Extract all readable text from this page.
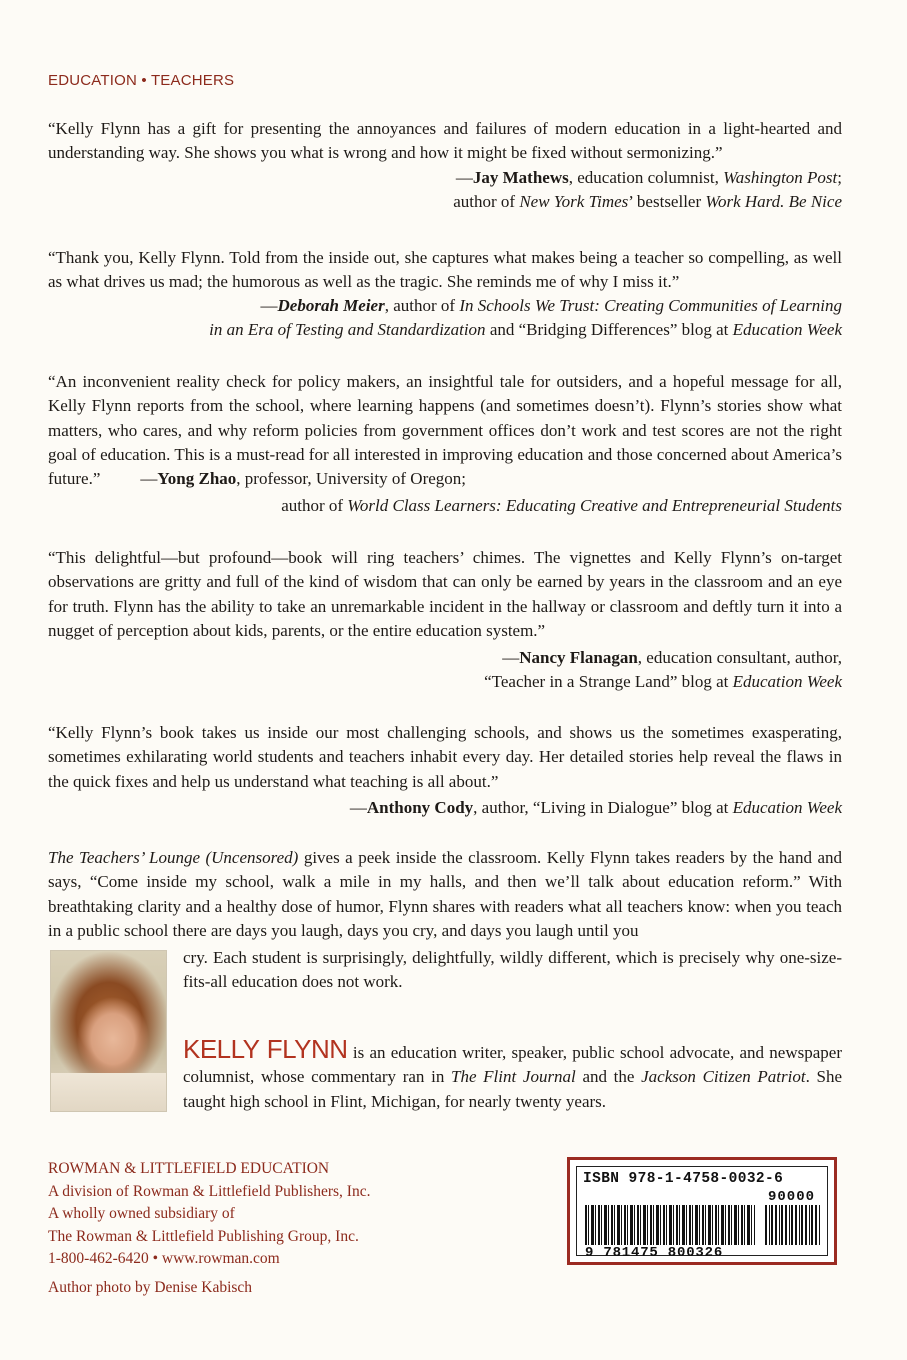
EDUCATION • TEACHERS

“Kelly Flynn has a gift for presenting the annoyances and failures of modern education in a light-hearted and understanding way. She shows you what is wrong and how it might be fixed without sermonizing.”

—Jay Mathews, education columnist, Washington Post;
author of New York Times’ bestseller Work Hard. Be Nice

“Thank you, Kelly Flynn. Told from the inside out, she captures what makes being a teacher so compelling, as well as what drives us mad; the humorous as well as the tragic. She reminds me of why I miss it.”

—Deborah Meier, author of In Schools We Trust: Creating Communities of Learning
in an Era of Testing and Standardization and “Bridging Differences” blog at Education Week

“An inconvenient reality check for policy makers, an insightful tale for outsiders, and a hopeful message for all, Kelly Flynn reports from the school, where learning happens (and sometimes doesn’t). Flynn’s stories show what matters, who cares, and why reform policies from government offices don’t work and test scores are not the right goal of education. This is a must-read for all interested in improving education and those concerned about America’s future.” —Yong Zhao, professor, University of Oregon;

author of World Class Learners: Educating Creative and Entrepreneurial Students

“This delightful—but profound—book will ring teachers’ chimes. The vignettes and Kelly Flynn’s on-target observations are gritty and full of the kind of wisdom that can only be earned by years in the classroom and an eye for truth. Flynn has the ability to take an unremarkable incident in the hallway or classroom and deftly turn it into a nugget of perception about kids, parents, or the entire education system.”

—Nancy Flanagan, education consultant, author,
“Teacher in a Strange Land” blog at Education Week

“Kelly Flynn’s book takes us inside our most challenging schools, and shows us the sometimes exasperating, sometimes exhilarating world students and teachers inhabit every day. Her detailed stories help reveal the flaws in the quick fixes and help us understand what teaching is all about.”

—Anthony Cody, author, “Living in Dialogue” blog at Education Week

The Teachers’ Lounge (Uncensored) gives a peek inside the classroom. Kelly Flynn takes readers by the hand and says, “Come inside my school, walk a mile in my halls, and then we’ll talk about education reform.” With breathtaking clarity and a healthy dose of humor, Flynn shares with readers what all teachers know: when you teach in a public school there are days you laugh, days you cry, and days you laugh until you

cry. Each student is surprisingly, delightfully, wildly different, which is precisely why one-size-fits-all education does not work.

KELLY FLYNN is an education writer, speaker, public school advocate, and newspaper columnist, whose commentary ran in The Flint Journal and the Jackson Citizen Patriot. She taught high school in Flint, Michigan, for nearly twenty years.

ROWMAN & LITTLEFIELD EDUCATION
A division of Rowman & Littlefield Publishers, Inc.
A wholly owned subsidiary of
The Rowman & Littlefield Publishing Group, Inc.
1-800-462-6420 • www.rowman.com
Author photo by Denise Kabisch
ISBN 978-1-4758-0032-6
90000
9 781475 800326
